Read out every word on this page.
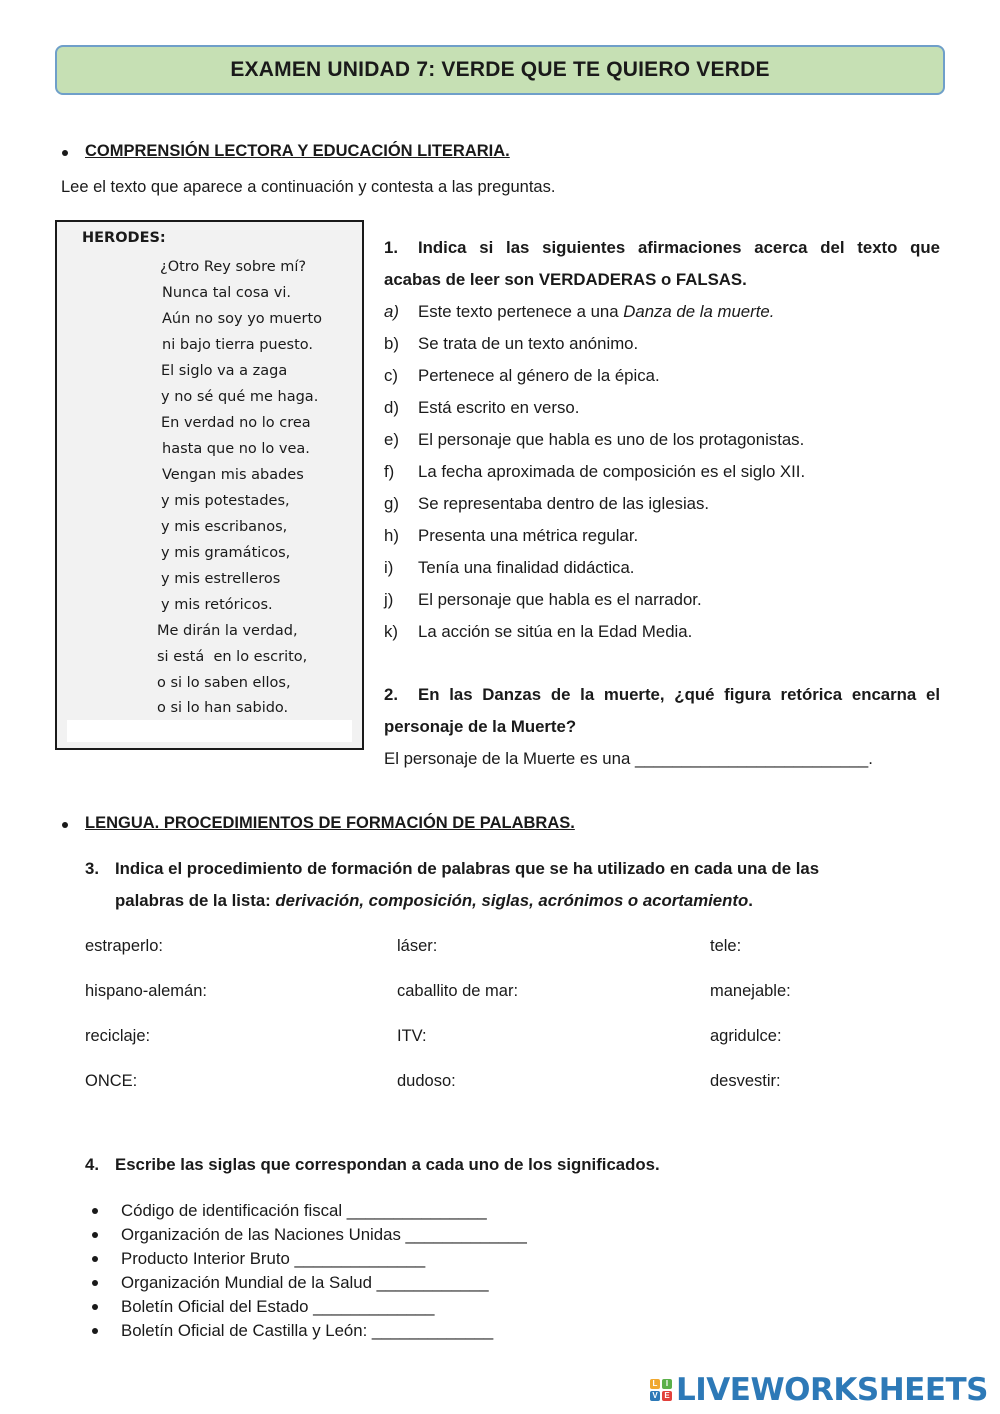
EXAMEN UNIDAD 7: VERDE QUE TE QUIERO VERDE
COMPRENSIÓN LECTORA Y EDUCACIÓN LITERARIA.
Lee el texto que aparece a continuación y contesta a las preguntas.
HERODES:
¿Otro Rey sobre mí?
Nunca tal cosa vi.
Aún no soy yo muerto
ni bajo tierra puesto.
El siglo va a zaga
y no sé qué me haga.
En verdad no lo crea
hasta que no lo vea.
Vengan mis abades
y mis potestades,
y mis escribanos,
y mis gramáticos,
y mis estrelleros
y mis retóricos.
Me dirán la verdad,
si está  en lo escrito,
o si lo saben ellos,
o si lo han sabido.
1.	Indica si las siguientes afirmaciones acerca del texto que
acabas de leer son VERDADERAS o FALSAS.
a) Este texto pertenece a una Danza de la muerte.
b) Se trata de un texto anónimo.
c) Pertenece al género de la épica.
d) Está escrito en verso.
e) El personaje que habla es uno de los protagonistas.
f) La fecha aproximada de composición es el siglo XII.
g) Se representaba dentro de las iglesias.
h) Presenta una métrica regular.
i) Tenía una finalidad didáctica.
j) El personaje que habla es el narrador.
k) La acción se sitúa en la Edad Media.
2.	En las Danzas de la muerte, ¿qué figura retórica encarna el
personaje de la Muerte?
El personaje de la Muerte es una _________________________.
LENGUA. PROCEDIMIENTOS DE FORMACIÓN DE PALABRAS.
3. Indica el procedimiento de formación de palabras que se ha utilizado en cada una de las
palabras de la lista: derivación, composición, siglas, acrónimos o acortamiento.
estraperlo:	láser:	tele:
hispano-alemán:	caballito de mar:	manejable:
reciclaje:	ITV:	agridulce:
ONCE:	dudoso:	desvestir:
4. Escribe las siglas que correspondan a cada uno de los significados.
Código de identificación fiscal _______________
Organización de las Naciones Unidas _____________
Producto Interior Bruto ______________
Organización Mundial de la Salud ____________
Boletín Oficial del Estado _____________
Boletín Oficial de Castilla y León: _____________
L	I
V E LIVEWORKSHEETS
